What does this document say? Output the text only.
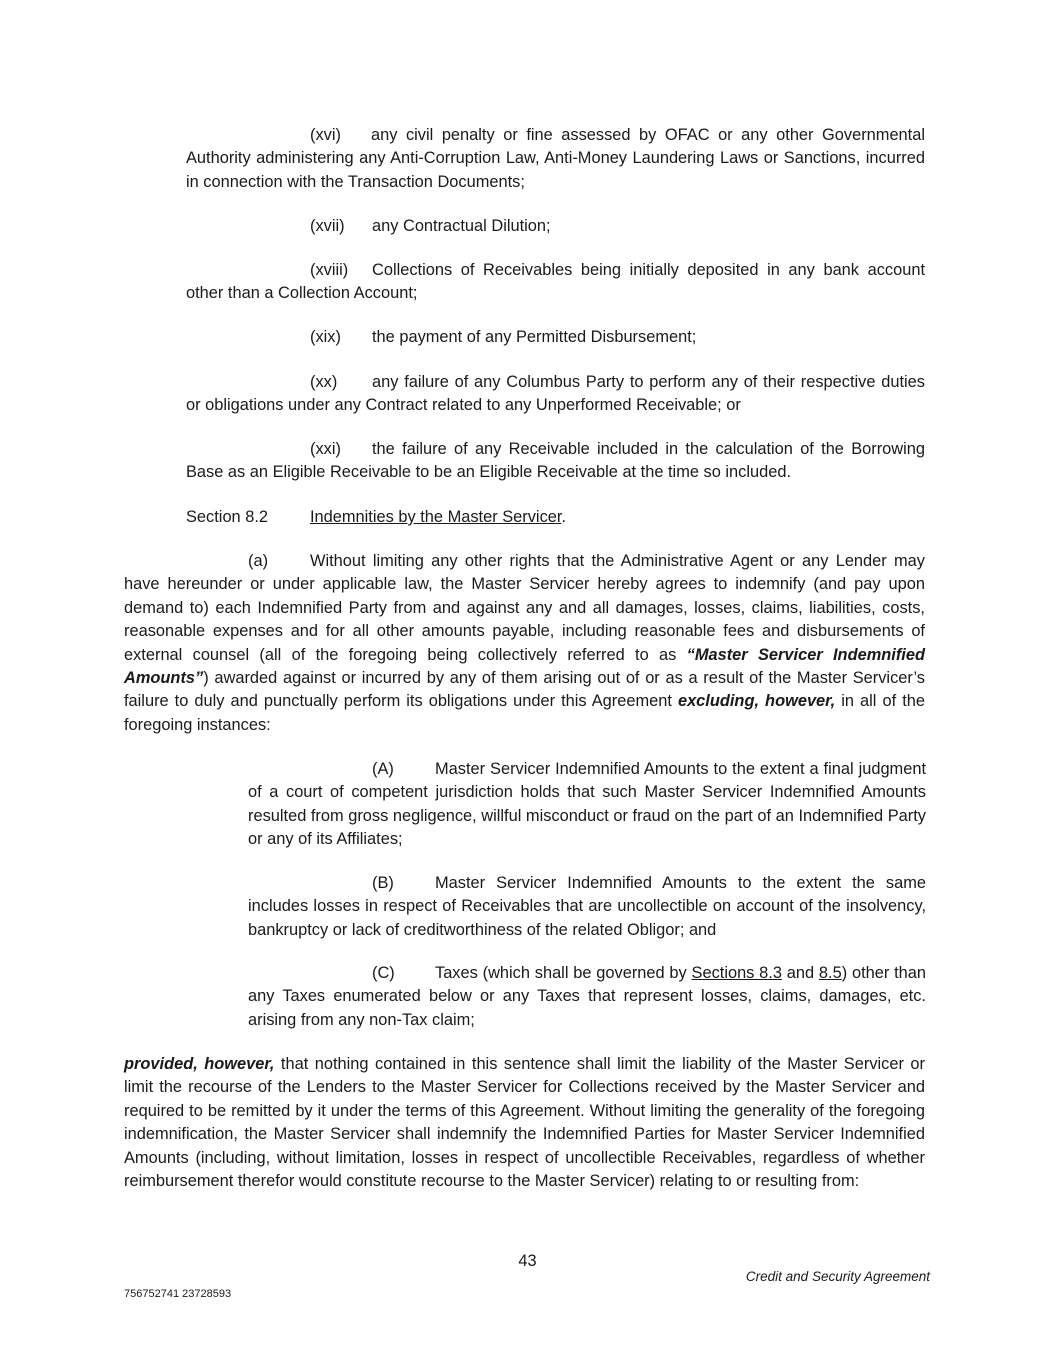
(xvi) any civil penalty or fine assessed by OFAC or any other Governmental Authority administering any Anti-Corruption Law, Anti-Money Laundering Laws or Sanctions, incurred in connection with the Transaction Documents;

(xvii) any Contractual Dilution;

(xviii) Collections of Receivables being initially deposited in any bank account other than a Collection Account;

(xix) the payment of any Permitted Disbursement;

(xx) any failure of any Columbus Party to perform any of their respective duties or obligations under any Contract related to any Unperformed Receivable; or

(xxi) the failure of any Receivable included in the calculation of the Borrowing Base as an Eligible Receivable to be an Eligible Receivable at the time so included.

Section 8.2	Indemnities by the Master Servicer.

(a)	Without limiting any other rights that the Administrative Agent or any Lender may have hereunder or under applicable law, the Master Servicer hereby agrees to indemnify (and pay upon demand to) each Indemnified Party from and against any and all damages, losses, claims, liabilities, costs, reasonable expenses and for all other amounts payable, including reasonable fees and disbursements of external counsel (all of the foregoing being collectively referred to as “Master Servicer Indemnified Amounts”) awarded against or incurred by any of them arising out of or as a result of the Master Servicer’s failure to duly and punctually perform its obligations under this Agreement excluding, however, in all of the foregoing instances:

(A)	Master Servicer Indemnified Amounts to the extent a final judgment of a court of competent jurisdiction holds that such Master Servicer Indemnified Amounts resulted from gross negligence, willful misconduct or fraud on the part of an Indemnified Party or any of its Affiliates;

(B)	Master Servicer Indemnified Amounts to the extent the same includes losses in respect of Receivables that are uncollectible on account of the insolvency, bankruptcy or lack of creditworthiness of the related Obligor; and

(C) Taxes (which shall be governed by Sections 8.3 and 8.5) other than any Taxes enumerated below or any Taxes that represent losses, claims, damages, etc. arising from any non-Tax claim;

provided, however, that nothing contained in this sentence shall limit the liability of the Master Servicer or limit the recourse of the Lenders to the Master Servicer for Collections received by the Master Servicer and required to be remitted by it under the terms of this Agreement. Without limiting the generality of the foregoing indemnification, the Master Servicer shall indemnify the Indemnified Parties for Master Servicer Indemnified Amounts (including, without limitation, losses in respect of uncollectible Receivables, regardless of whether reimbursement therefor would constitute recourse to the Master Servicer) relating to or resulting from:

43
Credit and Security Agreement
756752741 23728593
